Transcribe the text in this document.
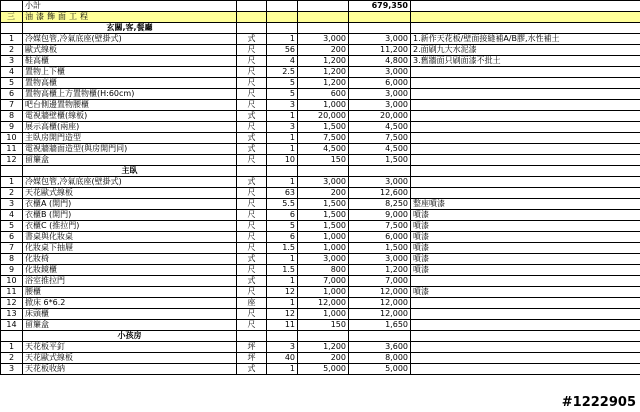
	小計				679,350	
三	油漆飾面工程					
	玄關,客,餐廳					
1	冷媒包管,冷氣底座(壁掛式)	式	1	3,000	3,000	1.新作天花板/壁面接縫補A/B膠,水性補土
2	歐式線板	尺	56	200	11,200	2.面刷九大水泥漆
3	鞋高櫃	尺	4	1,200	4,800	3.舊牆面只刷面漆不批土
4	置物上下櫃	尺	2.5	1,200	3,000	
5	置物高櫃	尺	5	1,200	6,000	
6	置物高櫃上方置物櫃(H:60cm)	尺	5	600	3,000	
7	吧台側邊置物腰櫃	尺	3	1,000	3,000	
8	電視牆壁櫃(線板)	式	1	20,000	20,000	
9	展示高櫃(兩座)	尺	3	1,500	4,500	
10	主臥房開門造型	式	1	7,500	7,500	
11	電視牆牆面造型(與房開門同)	式	1	4,500	4,500	
12	留簾盒	尺	10	150	1,500	
	主臥					
1	冷媒包管,冷氣底座(壁掛式)	式	1	3,000	3,000	
2	天花歐式線板	尺	63	200	12,600	
3	衣櫃A (開門)	尺	5.5	1,500	8,250	整座噴漆
4	衣櫃B (開門)	尺	6	1,500	9,000	噴漆
5	衣櫃C (推拉門)	尺	5	1,500	7,500	噴漆
6	書桌與化妝桌	尺	6	1,000	6,000	噴漆
7	化妝桌下抽屜	尺	1.5	1,000	1,500	噴漆
8	化妝椅	式	1	3,000	3,000	噴漆
9	化妝鏡櫃	尺	1.5	800	1,200	噴漆
10	浴室推拉門	式	1	7,000	7,000	
11	腰櫃	尺	12	1,000	12,000	噴漆
12	掀床 6*6.2	座	1	12,000	12,000	
13	床頭櫃	尺	12	1,000	12,000	
14	留簾盒	尺	11	150	1,650	
	小孩房					
1	天花板平釘	坪	3	1,200	3,600	
2	天花歐式線板	坪	40	200	8,000	
3	天花板收納	式	1	5,000	5,000	
#1222905
